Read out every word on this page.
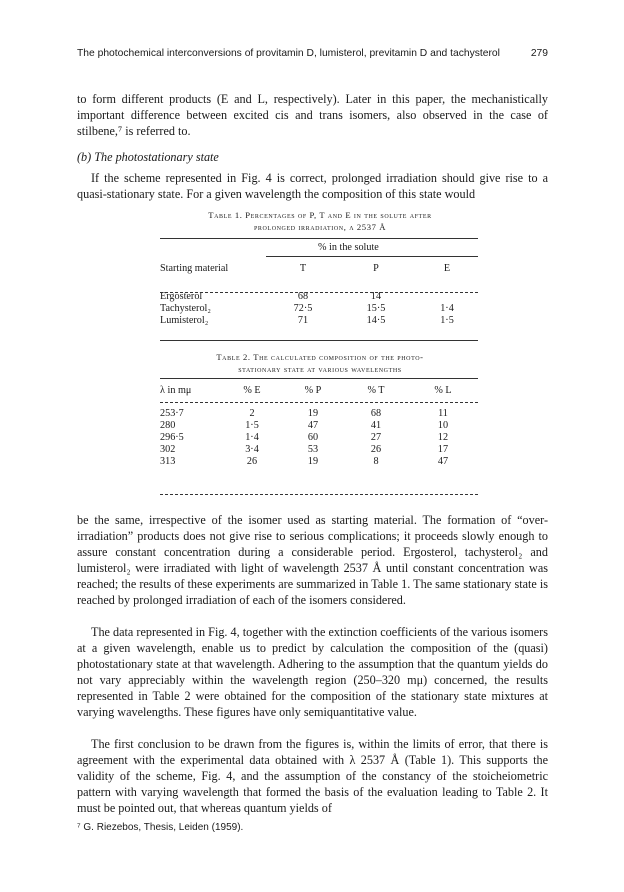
The photochemical interconversions of provitamin D, lumisterol, previtamin D and tachysterol	279

to form different products (E and L, respectively). Later in this paper, the mechanistically important difference between excited cis and trans isomers, also observed in the case of stilbene,⁷ is referred to.

(b) The photostationary state

If the scheme represented in Fig. 4 is correct, prolonged irradiation should give rise to a quasi-stationary state. For a given wavelength the composition of this state would

Table 1. Percentages of P, T and E in the solute after
prolonged irradiation, λ 2537 Å
% in the solute
Starting material	T	P	E

Ergosterol	68	14	
Tachysterol₂	72·5	15·5	1·4
Lumisterol₂	71	14·5	1·5
Table 2. The calculated composition of the photo-
stationary state at various wavelengths
λ in mμ	% E	% P	% T	% L

253·7	2	19	68	11
280	1·5	47	41	10
296·5	1·4	60	27	12
302	3·4	53	26	17
313	26	19	8	47

be the same, irrespective of the isomer used as starting material. The formation of “over-irradiation” products does not give rise to serious complications; it proceeds slowly enough to assure constant concentration during a considerable period. Ergosterol, tachysterol₂ and lumisterol₂ were irradiated with light of wavelength 2537 Å until constant concentration was reached; the results of these experiments are summarized in Table 1. The same stationary state is reached by prolonged irradiation of each of the isomers considered.

The data represented in Fig. 4, together with the extinction coefficients of the various isomers at a given wavelength, enable us to predict by calculation the composition of the (quasi) photostationary state at that wavelength. Adhering to the assumption that the quantum yields do not vary appreciably within the wavelength region (250–320 mμ) concerned, the results represented in Table 2 were obtained for the composition of the stationary state mixtures at varying wavelengths. These figures have only semiquantitative value.

The first conclusion to be drawn from the figures is, within the limits of error, that there is agreement with the experimental data obtained with λ 2537 Å (Table 1). This supports the validity of the scheme, Fig. 4, and the assumption of the constancy of the stoicheiometric pattern with varying wavelength that formed the basis of the evaluation leading to Table 2. It must be pointed out, that whereas quantum yields of

⁷ G. Riezebos, Thesis, Leiden (1959).
